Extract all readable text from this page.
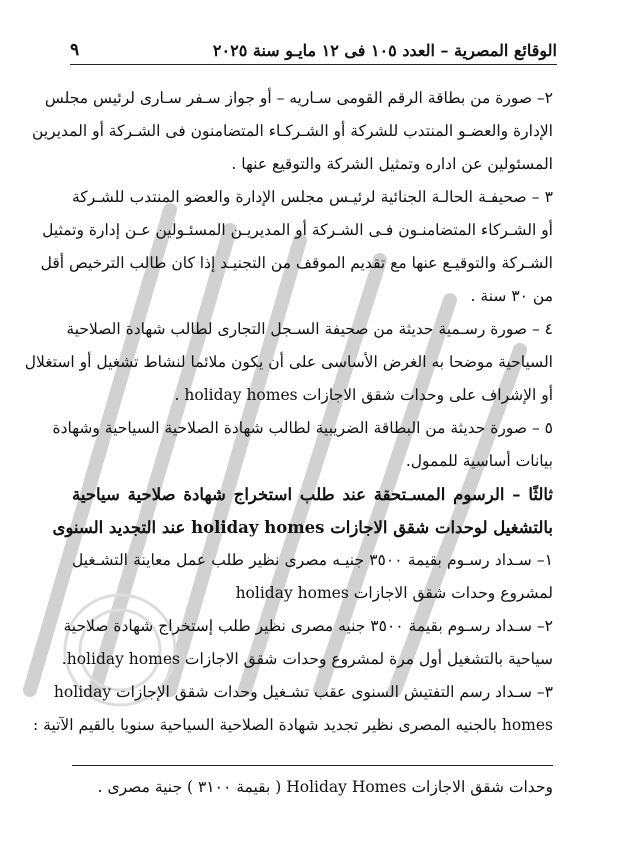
٩	الوقائع المصرية – العدد ١٠٥ فى ١٢ مايـو سنة ٢٠٢٥
٢– صورة من بطاقة الرقم القومى سـاريه – أو جواز سـفر سـارى لرئيس مجلس
الإدارة والعضـو المنتدب للشركة أو الشـركـاء المتضامنون فى الشـركة أو المديرين
المسئولين عن اداره وتمثيل الشركة والتوقيع عنها .
٣ – صحيفـة الحالـة الجنائية لرئيـس مجلس الإدارة والعضو المنتدب للشـركة
أو الشـركاء المتضامنـون فـى الشـركة أو المديريـن المسئـولين عـن إدارة وتمثيل
الشـركة والتوقيـع عنها مع تقديم الموقف من التجنيـد إذا كان طالب الترخيص أقل
من ٣٠ سنة .
٤ – صورة رسـمية حديثة من صحيفة السـجل التجارى لطالب شهادة الصلاحية
السياحية موضحا به الغرض الأساسى على أن يكون ملائما لنشاط تشغيل أو استغلال
أو الإشراف على وحدات شقق الاجازات holiday homes .
٥ – صورة حديثة من البطاقة الضريبية لطالب شهادة الصلاحية السياحية وشهادة
بيانات أساسية للممول.
ثالثًا – الرسوم المسـتحقة عند طلب استخراج شهادة صلاحية سياحية
بالتشغيل لوحدات شقق الاجازات holiday homes عند التجديد السنوى
١– سـداد رسـوم بقيمة ٣٥٠٠ جنيـه مصرى نظير طلب عمل معاينة التشـغيل
لمشروع وحدات شقق الاجازات holiday homes
٢– سـداد رسـوم بقيمة ٣٥٠٠ جنيه مصرى نظير طلب إستخراج شهادة صلاحية
سياحية بالتشغيل أول مرة لمشروع وحدات شقق الاجازات holiday homes.
٣– سـداد رسم التفتيش السنوى عقب تشـغيل وحدات شقق الإجازات holiday
homes بالجنيه المصرى نظير تجديد شهادة الصلاحية السياحية سنويا بالقيم الآتية :
وحدات شقق الاجازات Holiday Homes ( بقيمة ٣١٠٠ ) جنية مصرى .
